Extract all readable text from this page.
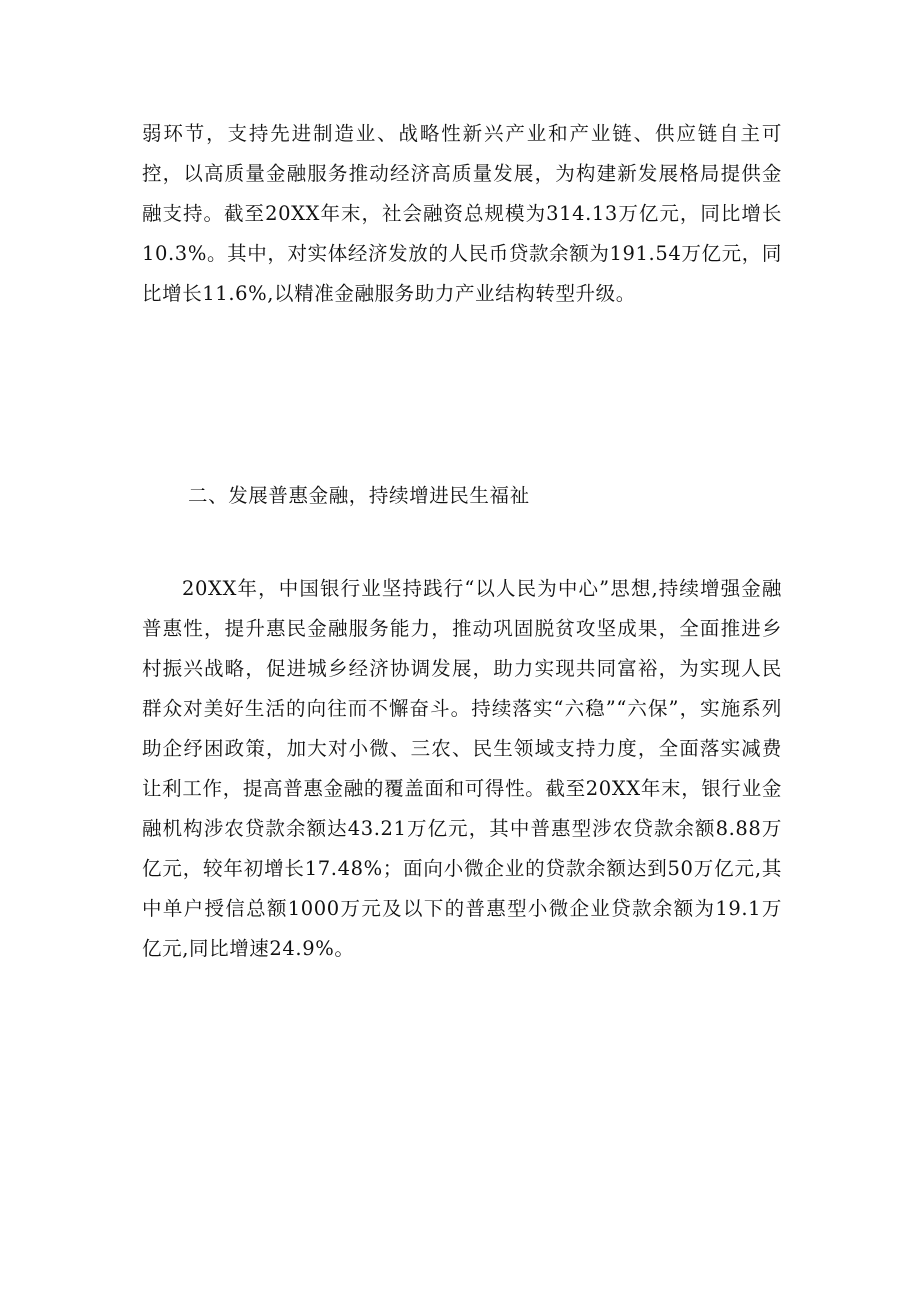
弱环节，支持先进制造业、战略性新兴产业和产业链、供应链自主可控，以高质量金融服务推动经济高质量发展，为构建新发展格局提供金融支持。截至20XX年末，社会融资总规模为314.13万亿元，同比增长10.3%。其中，对实体经济发放的人民币贷款余额为191.54万亿元，同比增长11.6%,以精准金融服务助力产业结构转型升级。

二、发展普惠金融，持续增进民生福祉

20XX年，中国银行业坚持践行“以人民为中心”思想,持续增强金融普惠性，提升惠民金融服务能力，推动巩固脱贫攻坚成果，全面推进乡村振兴战略，促进城乡经济协调发展，助力实现共同富裕，为实现人民群众对美好生活的向往而不懈奋斗。持续落实“六稳”“六保”，实施系列助企纾困政策，加大对小微、三农、民生领域支持力度，全面落实减费让利工作，提高普惠金融的覆盖面和可得性。截至20XX年末，银行业金融机构涉农贷款余额达43.21万亿元，其中普惠型涉农贷款余额8.88万亿元，较年初增长17.48%；面向小微企业的贷款余额达到50万亿元,其中单户授信总额1000万元及以下的普惠型小微企业贷款余额为19.1万亿元,同比增速24.9%。
